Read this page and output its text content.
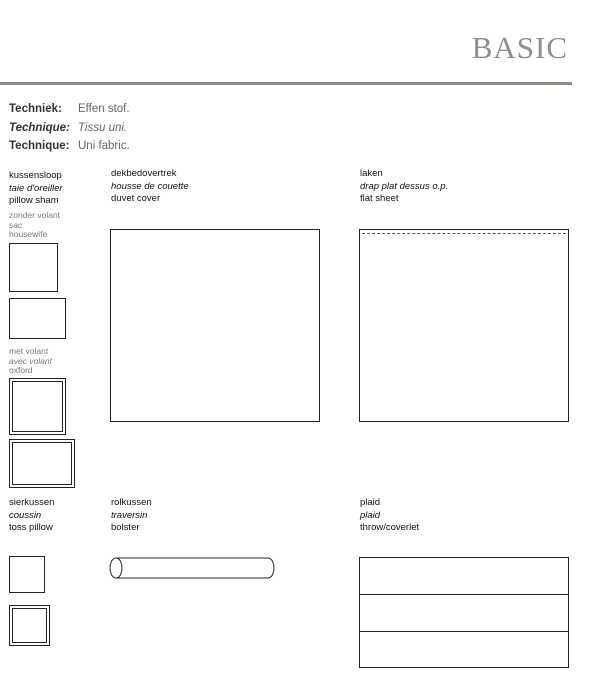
BASIC
Techniek: Effen stof.
Technique: Tissu uni.
Technique: Uni fabric.
kussensloop
taie d'oreiller
pillow sham
zonder volant
sac
housewife
met volant
avec volant
oxford
dekbedovertrek
housse de couette
duvet cover
laken
drap plat dessus o.p.
flat sheet
sierkussen
coussin
toss pillow
rolkussen
traversin
bolster
plaid
plaid
throw/coverlet
